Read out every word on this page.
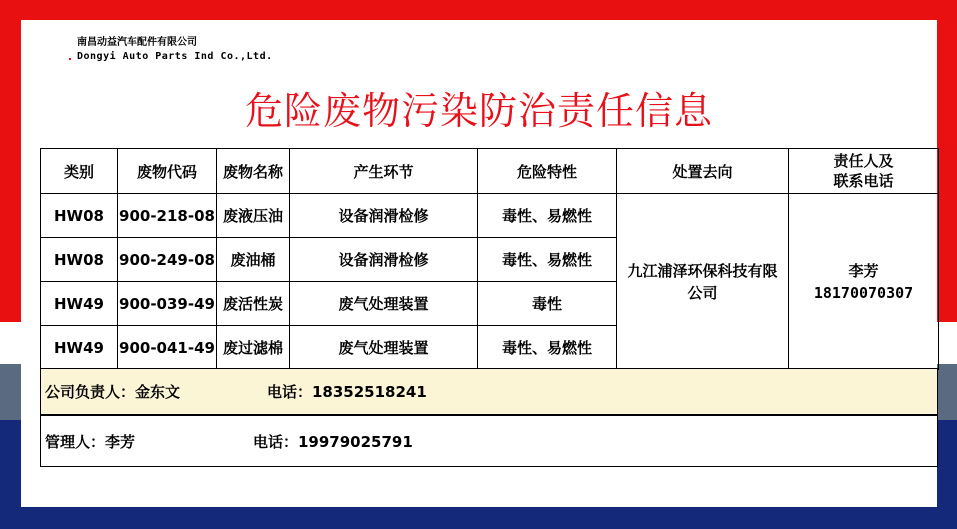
南昌动益汽车配件有限公司
Dongyi Auto Parts Ind Co.,Ltd.
危险废物污染防治责任信息
类别	废物代码	废物名称	产生环节	危险特性	处置去向	责任人及
联系电话
HW08	900-218-08	废液压油	设备润滑检修	毒性、易燃性	九江浦泽环保科技有限公司	李芳
18170070307

HW08	900-249-08	废油桶	设备润滑检修	毒性、易燃性		
HW49	900-039-49	废活性炭	废气处理装置	毒性		
HW49	900-041-49	废过滤棉	废气处理装置	毒性、易燃性		
公司负责人：金东文	电话：18352518241
管理人：李芳	电话：19979025791
